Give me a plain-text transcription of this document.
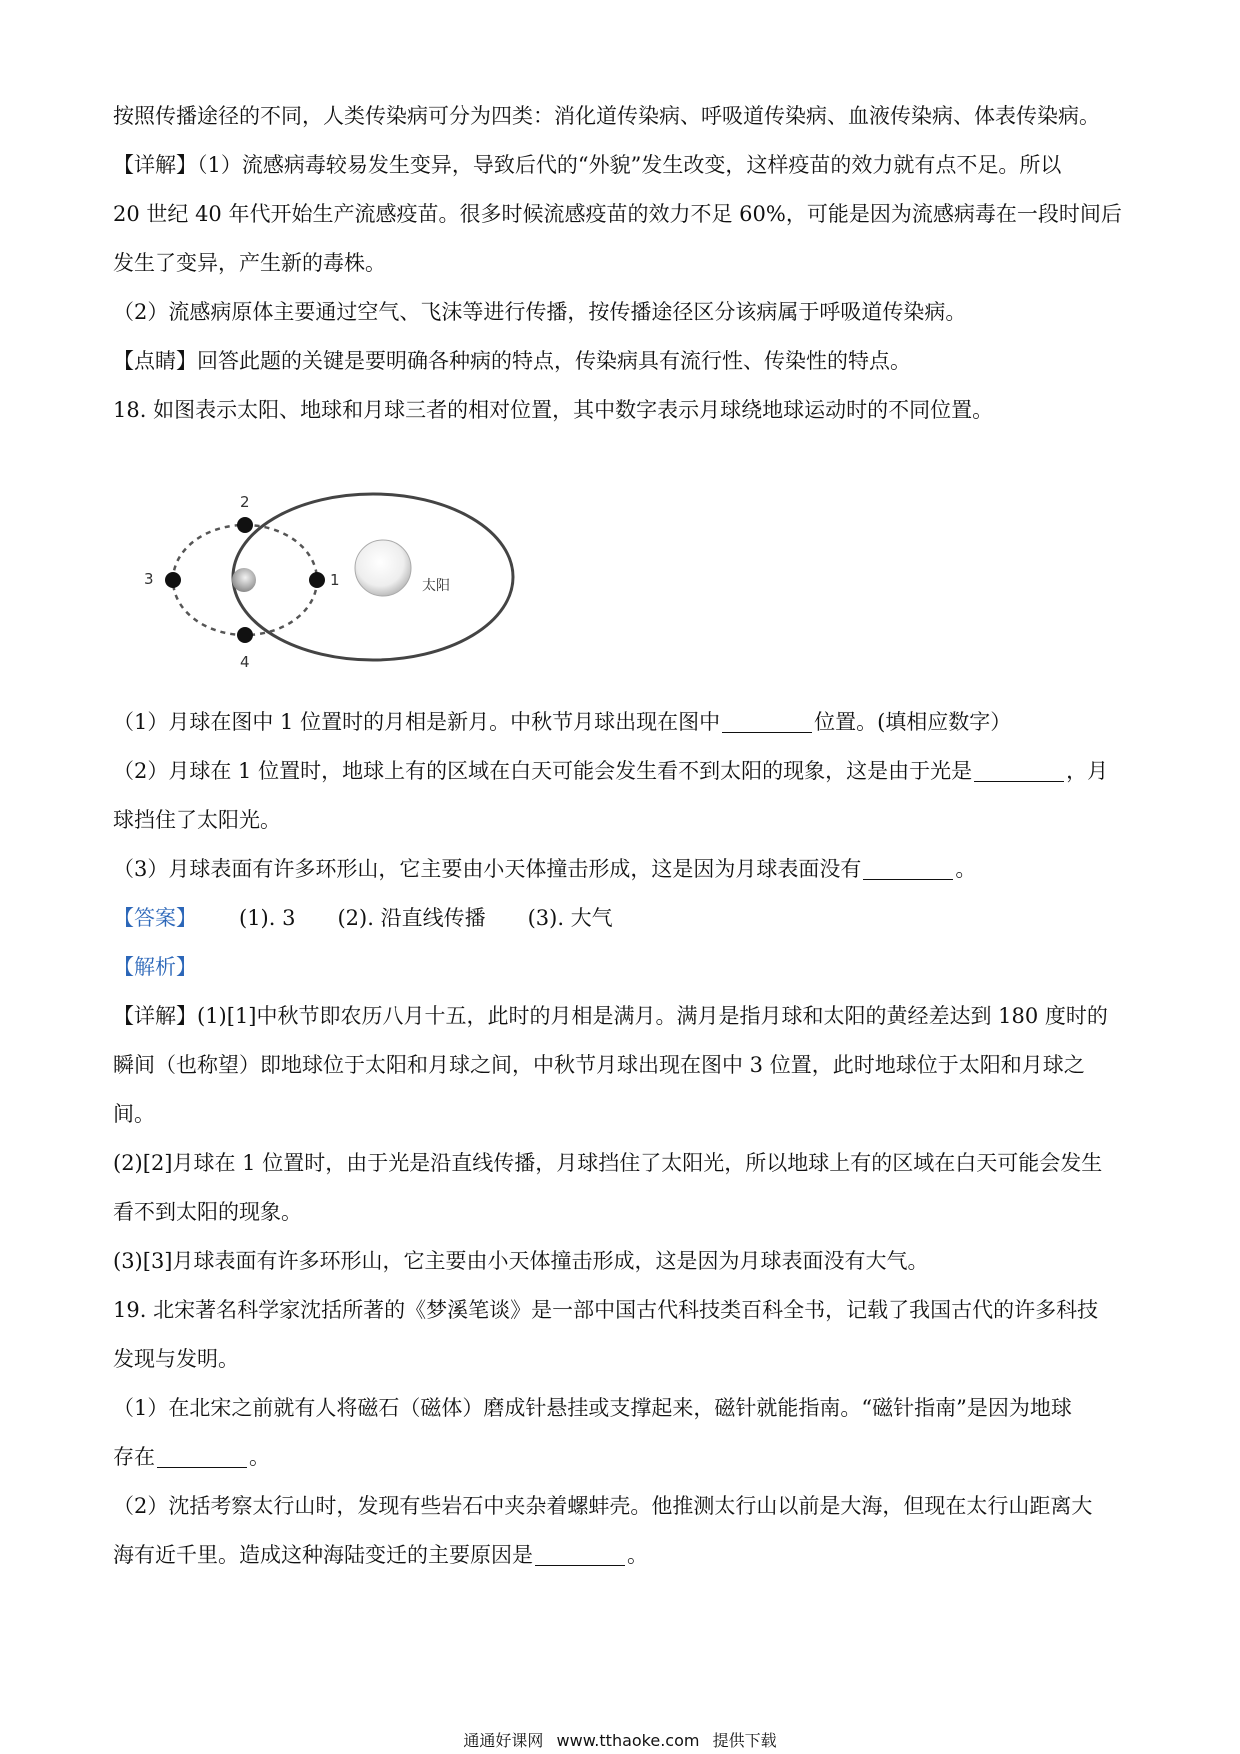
按照传播途径的不同，人类传染病可分为四类：消化道传染病、呼吸道传染病、血液传染病、体表传染病。
【详解】（1）流感病毒较易发生变异，导致后代的“外貌”发生改变，这样疫苗的效力就有点不足。所以
20 世纪 40 年代开始生产流感疫苗。很多时候流感疫苗的效力不足 60%，可能是因为流感病毒在一段时间后
发生了变异，产生新的毒株。
（2）流感病原体主要通过空气、飞沫等进行传播，按传播途径区分该病属于呼吸道传染病。
【点睛】回答此题的关键是要明确各种病的特点，传染病具有流行性、传染性的特点。
18. 如图表示太阳、地球和月球三者的相对位置，其中数字表示月球绕地球运动时的不同位置。
太阳
1
2
3
4
（1）月球在图中 1 位置时的月相是新月。中秋节月球出现在图中	位置。(填相应数字）
（2）月球在 1 位置时，地球上有的区域在白天可能会发生看不到太阳的现象，这是由于光是	，月
球挡住了太阳光。
（3）月球表面有许多环形山，它主要由小天体撞击形成，这是因为月球表面没有	。
【答案】 (1). 3 (2). 沿直线传播 (3). 大气
【解析】
【详解】(1)[1]中秋节即农历八月十五，此时的月相是满月。满月是指月球和太阳的黄经差达到 180 度时的
瞬间（也称望）即地球位于太阳和月球之间，中秋节月球出现在图中 3 位置，此时地球位于太阳和月球之
间。
(2)[2]月球在 1 位置时，由于光是沿直线传播，月球挡住了太阳光，所以地球上有的区域在白天可能会发生
看不到太阳的现象。
(3)[3]月球表面有许多环形山，它主要由小天体撞击形成，这是因为月球表面没有大气。
19. 北宋著名科学家沈括所著的《梦溪笔谈》是一部中国古代科技类百科全书，记载了我国古代的许多科技
发现与发明。
（1）在北宋之前就有人将磁石（磁体）磨成针悬挂或支撑起来，磁针就能指南。“磁针指南”是因为地球
存在	。
（2）沈括考察太行山时，发现有些岩石中夹杂着螺蚌壳。他推测太行山以前是大海，但现在太行山距离大
海有近千里。造成这种海陆变迁的主要原因是	。
通通好课网 www.tthaoke.com 提供下载
